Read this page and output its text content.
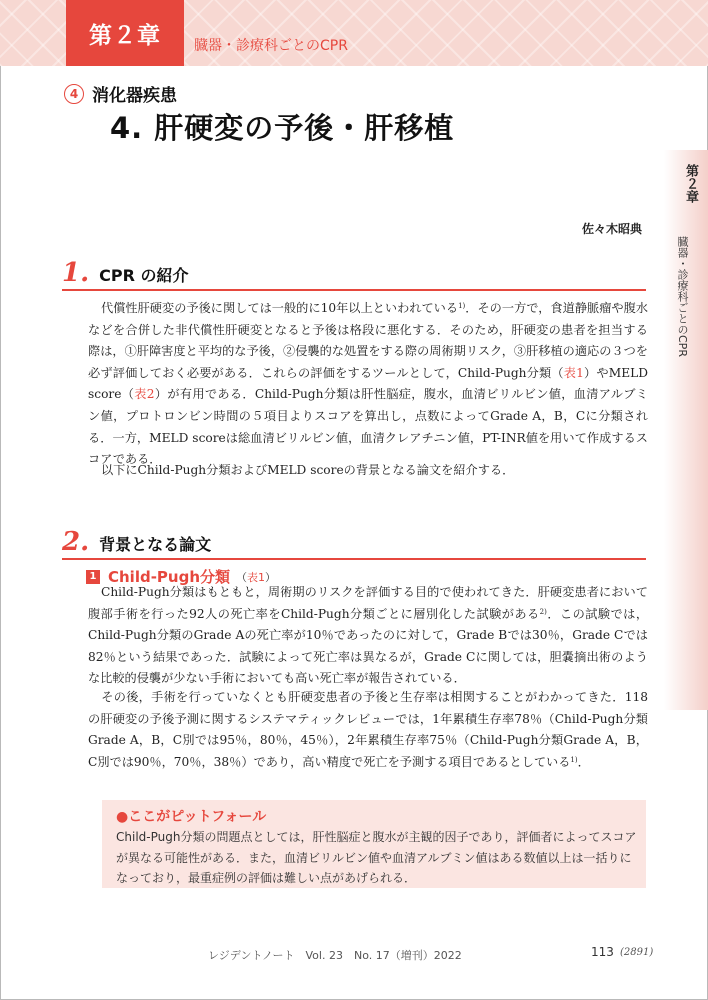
第２章	臓器・診療科ごとのCPR
4 消化器疾患
4. 肝硬変の予後・肝移植
第２章
臓器・診療科ごとのCPR
佐々木昭典
1. CPR の紹介
代償性肝硬変の予後に関しては一般的に10年以上といわれている$^{1)}$．その一方で，食道静脈瘤や腹水などを合併した非代償性肝硬変となると予後は格段に悪化する．そのため，肝硬変の患者を担当する際は，①肝障害度と平均的な予後，②侵襲的な処置をする際の周術期リスク，③肝移植の適応の３つを必ず評価しておく必要がある．これらの評価をするツールとして，Child-Pugh分類（表1）やMELD score（表2）が有用である．Child-Pugh分類は肝性脳症，腹水，血清ビリルビン値，血清アルブミン値，プロトロンビン時間の５項目よりスコアを算出し，点数によってGrade A，B，Cに分類される．一方，MELD scoreは総血清ビリルビン値，血清クレアチニン値，PT-INR値を用いて作成するスコアである．
以下にChild-Pugh分類およびMELD scoreの背景となる論文を紹介する．
2. 背景となる論文
1 Child-Pugh分類 （表1）
Child-Pugh分類はもともと，周術期のリスクを評価する目的で使われてきた．肝硬変患者において腹部手術を行った92人の死亡率をChild-Pugh分類ごとに層別化した試験がある$^{2)}$．この試験では，Child-Pugh分類のGrade Aの死亡率が10％であったのに対して，Grade Bでは30％，Grade Cでは82％という結果であった．試験によって死亡率は異なるが，Grade Cに関しては，胆嚢摘出術のような比較的侵襲が少ない手術においても高い死亡率が報告されている．
その後，手術を行っていなくとも肝硬変患者の予後と生存率は相関することがわかってきた．118の肝硬変の予後予測に関するシステマティックレビューでは，1年累積生存率78％（Child-Pugh分類Grade A，B，C別では95％，80％，45％），2年累積生存率75％（Child-Pugh分類Grade A，B，C別では90％，70％，38％）であり，高い精度で死亡を予測する項目であるとしている$^{1)}$．
●ここがピットフォール
Child-Pugh分類の問題点としては，肝性脳症と腹水が主観的因子であり，評価者によってスコアが異なる可能性がある．また，血清ビリルビン値や血清アルブミン値はある数値以上は一括りになっており，最重症例の評価は難しい点があげられる．
レジデントノート　Vol. 23　No. 17（増刊）2022	113 (2891)
